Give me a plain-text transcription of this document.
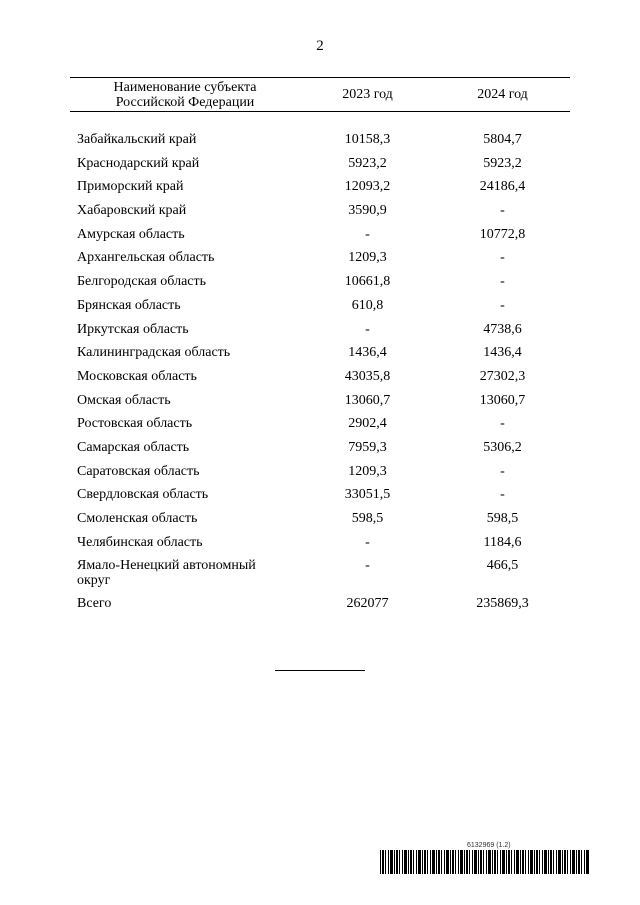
2
Наименование субъекта
Российской Федерации	2023 год	2024 год
Забайкальский край	10158,3	5804,7
Краснодарский край	5923,2	5923,2
Приморский край	12093,2	24186,4
Хабаровский край	3590,9	-
Амурская область	-	10772,8
Архангельская область	1209,3	-
Белгородская область	10661,8	-
Брянская область	610,8	-
Иркутская область	-	4738,6
Калининградская область	1436,4	1436,4
Московская область	43035,8	27302,3
Омская область	13060,7	13060,7
Ростовская область	2902,4	-
Самарская область	7959,3	5306,2
Саратовская область	1209,3	-
Свердловская область	33051,5	-
Смоленская область	598,5	598,5
Челябинская область	-	1184,6
Ямало-Ненецкий автономный
округ	-	466,5
Всего	262077	235869,3
6132969 (1.2)
